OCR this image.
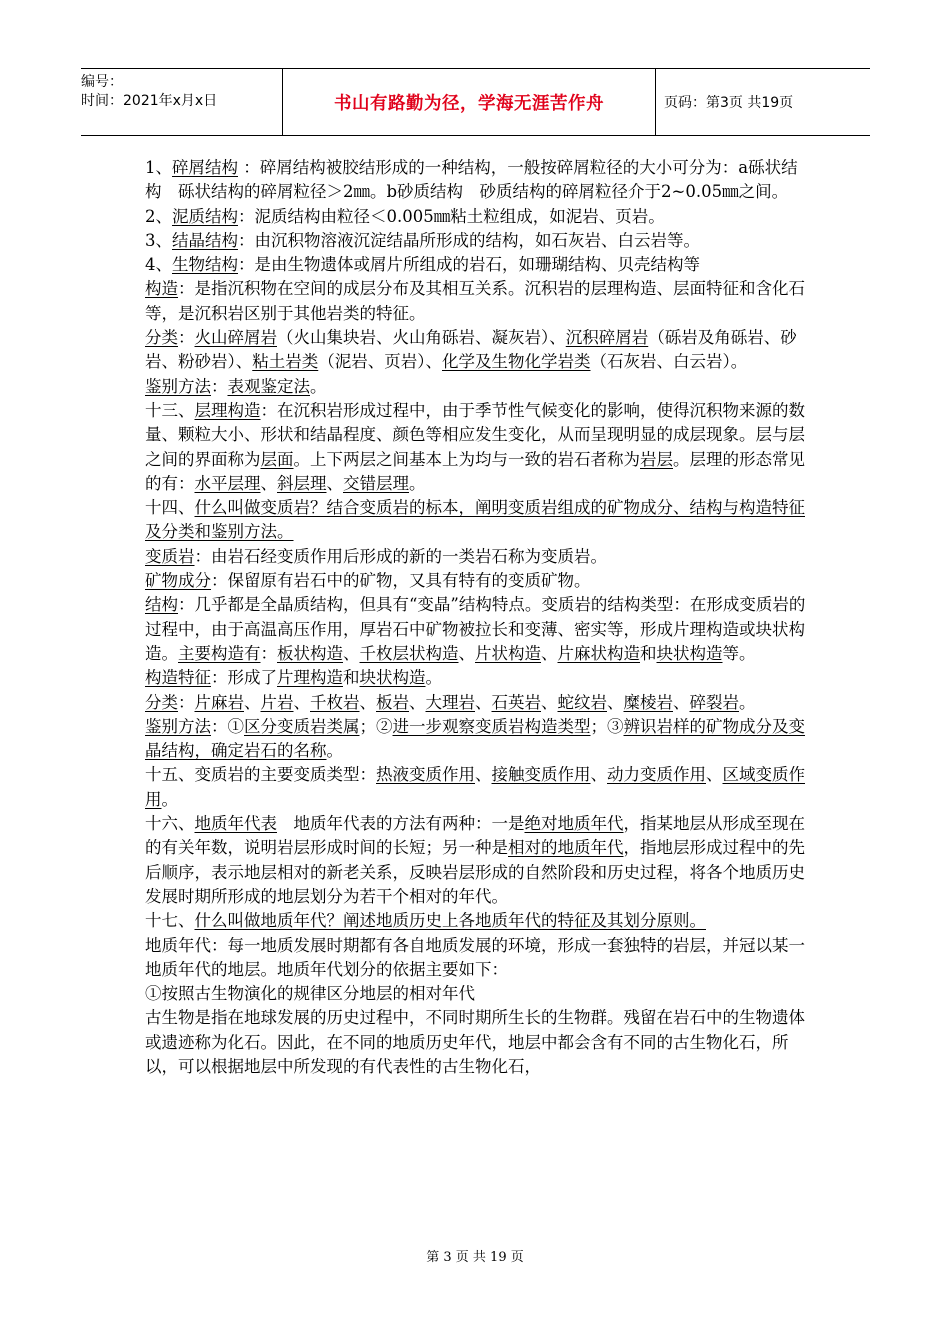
编号：
时间：2021年x月x日	书山有路勤为径，学海无涯苦作舟	页码：第3页 共19页

1、碎屑结构 ：碎屑结构被胶结形成的一种结构，一般按碎屑粒径的大小可分为：a砾状结构　砾状结构的碎屑粒径＞2㎜。b砂质结构　砂质结构的碎屑粒径介于2~0.05㎜之间。

2、泥质结构：泥质结构由粒径＜0.005㎜粘土粒组成，如泥岩、页岩。

3、结晶结构：由沉积物溶液沉淀结晶所形成的结构，如石灰岩、白云岩等。

4、生物结构：是由生物遗体或屑片所组成的岩石，如珊瑚结构、贝壳结构等

构造：是指沉积物在空间的成层分布及其相互关系。沉积岩的层理构造、层面特征和含化石等，是沉积岩区别于其他岩类的特征。

分类：火山碎屑岩（火山集块岩、火山角砾岩、凝灰岩）、沉积碎屑岩（砾岩及角砾岩、砂岩、粉砂岩）、粘土岩类（泥岩、页岩）、化学及生物化学岩类（石灰岩、白云岩）。

鉴别方法：表观鉴定法。

十三、层理构造：在沉积岩形成过程中，由于季节性气候变化的影响，使得沉积物来源的数量、颗粒大小、形状和结晶程度、颜色等相应发生变化，从而呈现明显的成层现象。层与层之间的界面称为层面。上下两层之间基本上为均与一致的岩石者称为岩层。层理的形态常见的有：水平层理、斜层理、交错层理。

十四、什么叫做变质岩？结合变质岩的标本，阐明变质岩组成的矿物成分、结构与构造特征及分类和鉴别方法。

变质岩：由岩石经变质作用后形成的新的一类岩石称为变质岩。

矿物成分：保留原有岩石中的矿物，又具有特有的变质矿物。

结构：几乎都是全晶质结构，但具有“变晶”结构特点。变质岩的结构类型：在形成变质岩的过程中，由于高温高压作用，厚岩石中矿物被拉长和变薄、密实等，形成片理构造或块状构造。主要构造有：板状构造、千枚层状构造、片状构造、片麻状构造和块状构造等。

构造特征：形成了片理构造和块状构造。

分类：片麻岩、片岩、千枚岩、板岩、大理岩、石英岩、蛇纹岩、糜棱岩、碎裂岩。

鉴别方法：①区分变质岩类属；②进一步观察变质岩构造类型；③辨识岩样的矿物成分及变晶结构，确定岩石的名称。

十五、变质岩的主要变质类型：热液变质作用、接触变质作用、动力变质作用、区域变质作用。

十六、地质年代表　地质年代表的方法有两种：一是绝对地质年代，指某地层从形成至现在的有关年数，说明岩层形成时间的长短；另一种是相对的地质年代，指地层形成过程中的先后顺序，表示地层相对的新老关系，反映岩层形成的自然阶段和历史过程，将各个地质历史发展时期所形成的地层划分为若干个相对的年代。

十七、什么叫做地质年代？阐述地质历史上各地质年代的特征及其划分原则。

地质年代：每一地质发展时期都有各自地质发展的环境，形成一套独特的岩层，并冠以某一地质年代的地层。地质年代划分的依据主要如下：

①按照古生物演化的规律区分地层的相对年代

古生物是指在地球发展的历史过程中，不同时期所生长的生物群。残留在岩石中的生物遗体或遗迹称为化石。因此，在不同的地质历史年代，地层中都会含有不同的古生物化石，所以，可以根据地层中所发现的有代表性的古生物化石，

第 3 页 共 19 页
